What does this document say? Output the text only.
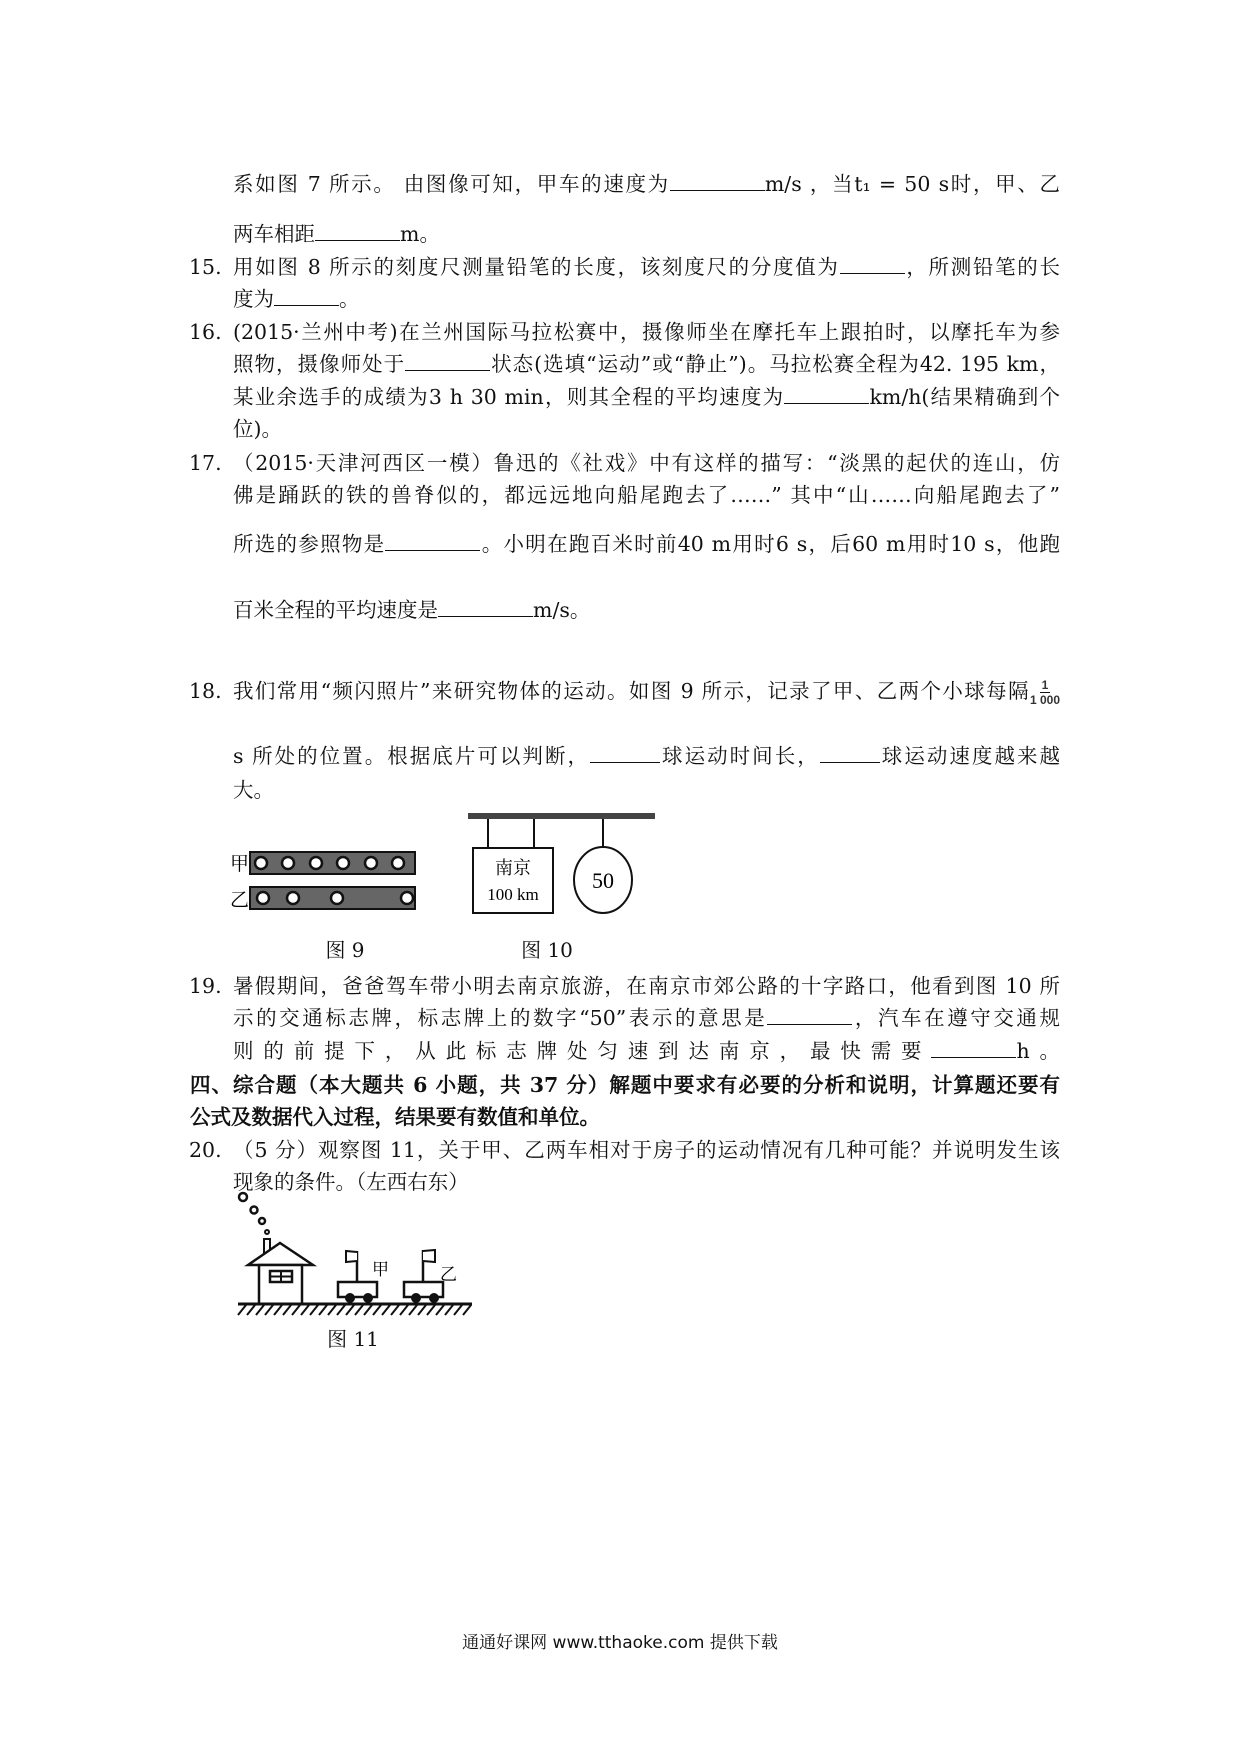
系如图 7 所示。 由图像可知，甲车的速度为	m/s ，当t₁ = 50 s时，甲、乙
两车相距	m。
15. 用如图 8 所示的刻度尺测量铅笔的长度，该刻度尺的分度值为	，所测铅笔的长
度为	。
16. (2015·兰州中考)在兰州国际马拉松赛中，摄像师坐在摩托车上跟拍时，以摩托车为参
照物，摄像师处于	状态(选填“运动”或“静止”)。马拉松赛全程为42. 195 km，
某业余选手的成绩为3 h 30 min，则其全程的平均速度为	km/h(结果精确到个
位)。
17. （2015·天津河西区一模）鲁迅的《社戏》中有这样的描写：“淡黑的起伏的连山，仿
佛是踊跃的铁的兽脊似的，都远远地向船尾跑去了……” 其中“山……向船尾跑去了”
所选的参照物是	。小明在跑百米时前40 m用时6 s，后60 m用时10 s，他跑
百米全程的平均速度是	m/s。
18. 我们常用“频闪照片”来研究物体的运动。如图 9 所示，记录了甲、乙两个小球每隔 $\frac{1}{1 000}$
s 所处的位置。根据底片可以判断，	球运动时间长，	球运动速度越来越
大。
19. 暑假期间，爸爸驾车带小明去南京旅游，在南京市郊公路的十字路口，他看到图 10 所
示的交通标志牌，标志牌上的数字“50”表示的意思是	，汽车在遵守交通规
则的前提下，从此标志牌处匀速到达南京，最快需要	h。
四、综合题（本大题共 6 小题，共 37 分）解题中要求有必要的分析和说明，计算题还要有
公式及数据代入过程，结果要有数值和单位。
20. （5 分）观察图 11，关于甲、乙两车相对于房子的运动情况有几种可能？并说明发生该
现象的条件。（左西右东）
甲
乙
南京
100 km
50
甲	乙
图 9	图 10
图 11
通通好课网 www.tthaoke.com 提供下载
